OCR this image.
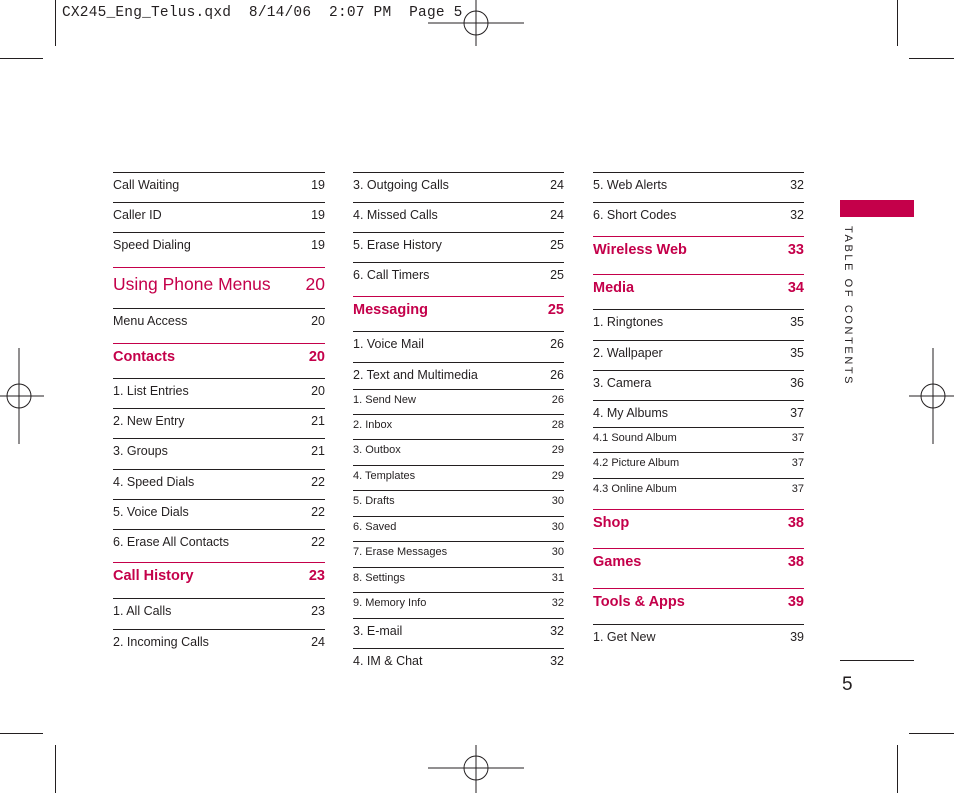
CX245_Eng_Telus.qxd  8/14/06  2:07 PM  Page 5
Call Waiting	19
Caller ID	19
Speed Dialing	19
Using Phone Menus 20
Menu Access	20
Contacts	20
1. List Entries	20
2. New Entry	21
3. Groups	21
4. Speed Dials	22
5. Voice Dials	22
6. Erase All Contacts	22
Call History	23
1. All Calls	23
2. Incoming Calls	24
3. Outgoing Calls	24
4. Missed Calls	24
5. Erase History	25
6. Call Timers	25
Messaging	25
1. Voice Mail	26
2. Text and Multimedia	26
1. Send New	26
2. Inbox	28
3. Outbox	29
4. Templates	29
5. Drafts	30
6. Saved	30
7. Erase Messages	30
8. Settings	31
9. Memory Info	32
3. E-mail	32
4. IM & Chat	32
5. Web Alerts	32
6. Short Codes	32
Wireless Web	33
Media	34
1. Ringtones	35
2. Wallpaper	35
3. Camera	36
4. My Albums	37
4.1 Sound Album	37
4.2 Picture Album	37
4.3 Online Album	37
Shop	38
Games	38
Tools & Apps	39
1. Get New	39
TABLE OF CONTENTS
5
